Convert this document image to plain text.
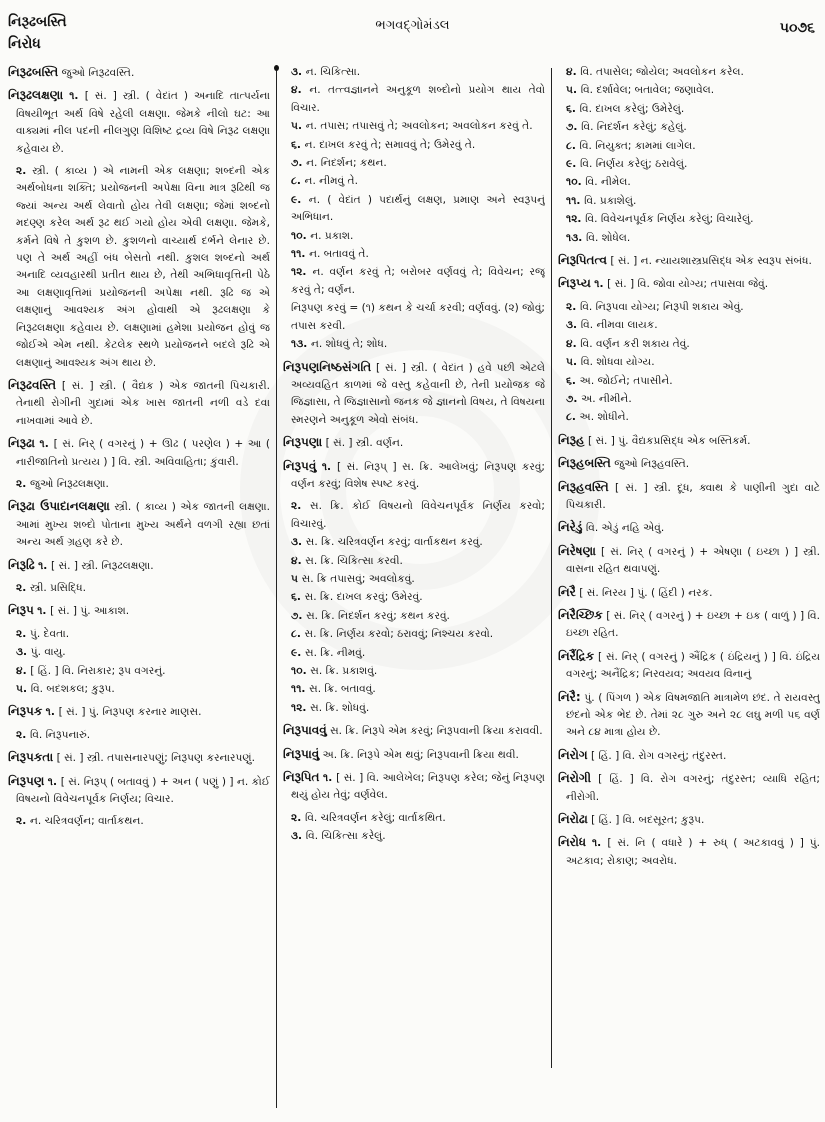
નિરૂઢબસ્તિ
નિરોધ
ભગવદ્ગોમંડલ	૫૦૭૬

નિરૂઢબસ્તિ જુઓ નિરૂઢવસ્તિ.

નિરૂઢલક્ષણા ૧. [ સં. ] સ્ત્રી. ( વેદાંત ) અનાદિ તાત્પર્યના વિષયીભૂત અર્થ વિષે રહેલી લક્ષણા. જેમકે નીલો ઘટ: આ વાક્યમાં નીલ પદની નીલગુણ વિશિષ્ટ દ્રવ્ય વિષે નિરૂઢ લક્ષણા કહેવાય છે.

૨. સ્ત્રી. ( કાવ્ય ) એ નામની એક લક્ષણા; શબ્દની એક અર્થબોધના શક્તિ; પ્રયોજનની અપેક્ષા વિના માત્ર રૂઢિથી જ જ્યાં અન્ય અર્થ લેવાતો હોય તેવી લક્ષણા; જેમાં શબ્દનો મદણ્ણ કરેલ અર્થ રૂઢ થઈ ગયો હોય એવી લક્ષણા. જેમકે, કર્મને વિષે તે કુશળ છે. કુશળનો વાચ્યાર્થ દર્ભને લેનાર છે. પણ તે અર્થ અહીં બંધ બેસતો નથી. કુશલ શબ્દનો અર્થ અનાદિ વ્યવહારથી પ્રતીત થાય છે, તેથી અભિધાવૃત્તિની પેઠે આ લક્ષણાવૃત્તિમાં પ્રયોજનની અપેક્ષા નથી. રૂઢિ જ એ લક્ષણાનું આવશ્યક અંગ હોવાથી એ રૂઢલક્ષણા કે નિરૂઢલક્ષણા કહેવાય છે. લક્ષણામાં હમેશા પ્રયોજન હોવું જ જોઈએ એમ નથી. કેટલેક સ્થળે પ્રયોજનને બદલે રૂઢિ એ લક્ષણાનું આવશ્યક અંગ થાય છે.

નિરૂઢવસ્તિ [ સં. ] સ્ત્રી. ( વૈદ્યક ) એક જાતની પિચકારી. તેનાથી રોગીની ગુદામાં એક ખાસ જાતની નળી વડે દવા નાખવામાં આવે છે.

નિરૂઢા ૧. [ સં. નિર્ ( વગરનું ) + ઊઢ ( પરણેલ ) + આ ( નારીજાતિનો પ્રત્યય ) ] વિ. સ્ત્રી. અવિવાહિતા; કુંવારી.

૨. જુઓ નિરૂઢલક્ષણા.

નિરૂઢા ઉપાદાનલક્ષણા સ્ત્રી. ( કાવ્ય ) એક જાતની લક્ષણા. આમાં મુખ્ય શબ્દો પોતાના મુખ્ય અર્થને વળગી રહ્યા છતાં અન્ય અર્થ ગ્રહણ કરે છે.

નિરૂઢિ ૧. [ સં. ] સ્ત્રી. નિરૂઢલક્ષણા.

૨. સ્ત્રી. પ્રસિદ્ધિ.

નિરૂપ ૧. [ સં. ] પું. આકાશ.

૨. પું. દેવતા.

૩. પું. વાયુ.

૪. [ હિં. ] વિ. નિરાકાર; રૂપ વગરનું.

૫. વિ. બદશકલ; કુરૂપ.

નિરૂપક ૧. [ સં. ] પું. નિરૂપણ કરનાર માણસ.

૨. વિ. નિરૂપનારું.

નિરૂપકતા [ સં. ] સ્ત્રી. તપાસનારપણું; નિરૂપણ કરનારપણું.

નિરૂપણ ૧. [ સં. નિરૂપ્ ( બતાવવું ) + અન ( પણું ) ] ન. કોઈ વિષયનો વિવેચનપૂર્વક નિર્ણય; વિચાર.

૨. ન. ચરિત્રવર્ણન; વાર્તાકથન.

૩. ન. ચિકિત્સા.

૪. ન. તત્ત્વજ્ઞાનને અનુકૂળ શબ્દોનો પ્રયોગ થાય તેવો વિચાર.

૫. ન. તપાસ; તપાસવું તે; અવલોકન; અવલોકન કરવું તે.

૬. ન. દાખલ કરવું તે; સમાવવું તે; ઉમેરવું તે.

૭. ન. નિદર્શન; કથન.

૮. ન. નીમવું તે.

૯. ન. ( વેદાંત ) પદાર્થનું લક્ષણ, પ્રમાણ અને સ્વરૂપનું અભિધાન.

૧૦. ન. પ્રકાશ.

૧૧. ન. બતાવવું તે.

૧૨. ન. વર્ણન કરવું તે; બરોબર વર્ણવવું તે; વિવેચન; રજૂ કરવું તે; વર્ણન.

નિરૂપણ કરવું = (૧) કથન કે ચર્ચા કરવી; વર્ણવવું. (૨) જોવું; તપાસ કરવી.

૧૩. ન. શોધવું તે; શોધ.

નિરૂપણનિષ્ઠસંગતિ [ સં. ] સ્ત્રી. ( વેદાંત ) હવે પછી એટલે અવ્યવહિત કાળમાં જે વસ્તુ કહેવાની છે, તેની પ્રયોજક જે જિજ્ઞાસા, તે જિજ્ઞાસાનો જનક જે જ્ઞાનનો વિષય, તે વિષયના સ્મરણને અનુકૂળ એવો સંબંધ.

નિરૂપણા [ સં. ] સ્ત્રી. વર્ણન.

નિરૂપવું ૧. [ સં. નિરૂપ્ ] સ. ક્રિ. આલેખવું; નિરૂપણ કરવું; વર્ણન કરવું; વિશેષ સ્પષ્ટ કરવું.

૨. સ. ક્રિ. કોઈ વિષયનો વિવેચનપૂર્વક નિર્ણય કરવો; વિચારવું.

૩. સ. ક્રિ. ચરિત્રવર્ણન કરવું; વાર્તાકથન કરવું.

૪. સ. ક્રિ. ચિકિત્સા કરવી.

૫ સ. ક્રિ તપાસવું; અવલોકવું.

૬. સ. ક્રિ. દાખલ કરવું; ઉમેરવું.

૭. સ. ક્રિ. નિદર્શન કરવું; કથન કરવું.

૮. સ. ક્રિ. નિર્ણય કરવો; ઠરાવવું; નિશ્ચય કરવો.

૯. સ. ક્રિ. નીમવું.

૧૦. સ. ક્રિ. પ્રકાશવું.

૧૧. સ. ક્રિ. બતાવવું.

૧૨. સ. ક્રિ. શોધવું.

નિરૂપાવવું સ. ક્રિ. નિરૂપે એમ કરવું; નિરૂપવાની ક્રિયા કરાવવી.

નિરૂપાવું અ. ક્રિ. નિરૂપે એમ થવું; નિરૂપવાની ક્રિયા થવી.

નિરૂપિત ૧. [ સં. ] વિ. આલેખેલ; નિરૂપણ કરેલ; જેનું નિરૂપણ થયું હોય તેવું; વર્ણવેલ.

૨. વિ. ચરિત્રવર્ણન કરેલું; વાર્તાકથિત.

૩. વિ. ચિકિત્સા કરેલું.

૪. વિ. તપાસેલ; જોયેલ; અવલોકન કરેલ.

૫. વિ. દર્શાવેલ; બતાવેલ; જણાવેલ.

૬. વિ. દાખલ કરેલું; ઉમેરેલું.

૭. વિ. નિદર્શન કરેલું; કહેલું.

૮. વિ. નિયુક્ત; કામમાં લાગેલ.

૯. વિ. નિર્ણય કરેલું; ઠરાવેલું.

૧૦. વિ. નીમેલ.

૧૧. વિ. પ્રકાશેલું.

૧૨. વિ. વિવેચનપૂર્વક નિર્ણય કરેલું; વિચારેલું.

૧૩. વિ. શોધેલ.

નિરૂપિતત્વ [ સં. ] ન. ન્યાયશાસ્ત્રપ્રસિદ્ધ એક સ્વરૂપ સંબંધ.

નિરૂપ્ય ૧. [ સં. ] વિ. જોવા યોગ્ય; તપાસવા જેવું.

૨. વિ. નિરૂપવા યોગ્ય; નિરૂપી શકાય એવું.

૩. વિ. નીમવા લાયક.

૪. વિ. વર્ણન કરી શકાય તેવું.

૫. વિ. શોધવા યોગ્ય.

૬. અ. જોઈને; તપાસીને.

૭. અ. નીમીને.

૮. અ. શોધીને.

નિરૂહ [ સં. ] પું. વૈદ્યકપ્રસિદ્ધ એક બસ્તિકર્મ.

નિરૂહબસ્તિ જુઓ નિરૂહવસ્તિ.

નિરૂહવસ્તિ [ સં. ] સ્ત્રી. દૂધ, ક્વાથ કે પાણીની ગુદા વાટે પિચકારી.

નિરેડું વિ. એડું નહિ એવું.

નિરેષણા [ સં. નિર્ ( વગરનું ) + એષણા ( ઇચ્છા ) ] સ્ત્રી. વાસના રહિત થવાપણું.

નિરૈ [ સં. નિરય ] પું. ( હિંદી ) નરક.

નિરૈચ્છિક [ સં. નિર્ ( વગરનું ) + ઇચ્છા + ઇક ( વાળું ) ] વિ. ઇચ્છા રહિત.

નિરૈંદ્રિક [ સં. નિર્ ( વગરનું ) ઐંદ્રિક ( ઇંદ્રિયનું ) ] વિ. ઇંદ્રિય વગરનું; અનૈંદ્રિક; નિરવયવ; અવયવ વિનાનું

નિરૈ: પું. ( પિંગળ ) એક વિષમજાતિ માત્રામેળ છંદ. તે રાયવસ્તુ છંદનો એક ભેદ છે. તેમાં ૨૮ ગુરુ અને ૨૮ લઘુ મળી ૫૬ વર્ણ અને ૮૪ માત્રા હોય છે.

નિરોગ [ હિં. ] વિ. રોગ વગરનું; તંદુરસ્ત.

નિરોગી [ હિં. ] વિ. રોગ વગરનું; તંદુરસ્ત; વ્યાધિ રહિત; નીરોગી.

નિરોઢા [ હિં. ] વિ. બદસૂરત; કુરૂપ.

નિરોધ ૧. [ સં. નિ ( વધારે ) + રુધ્ ( અટકાવવું ) ] પું. અટકાવ; રોકાણ; અવરોધ.
